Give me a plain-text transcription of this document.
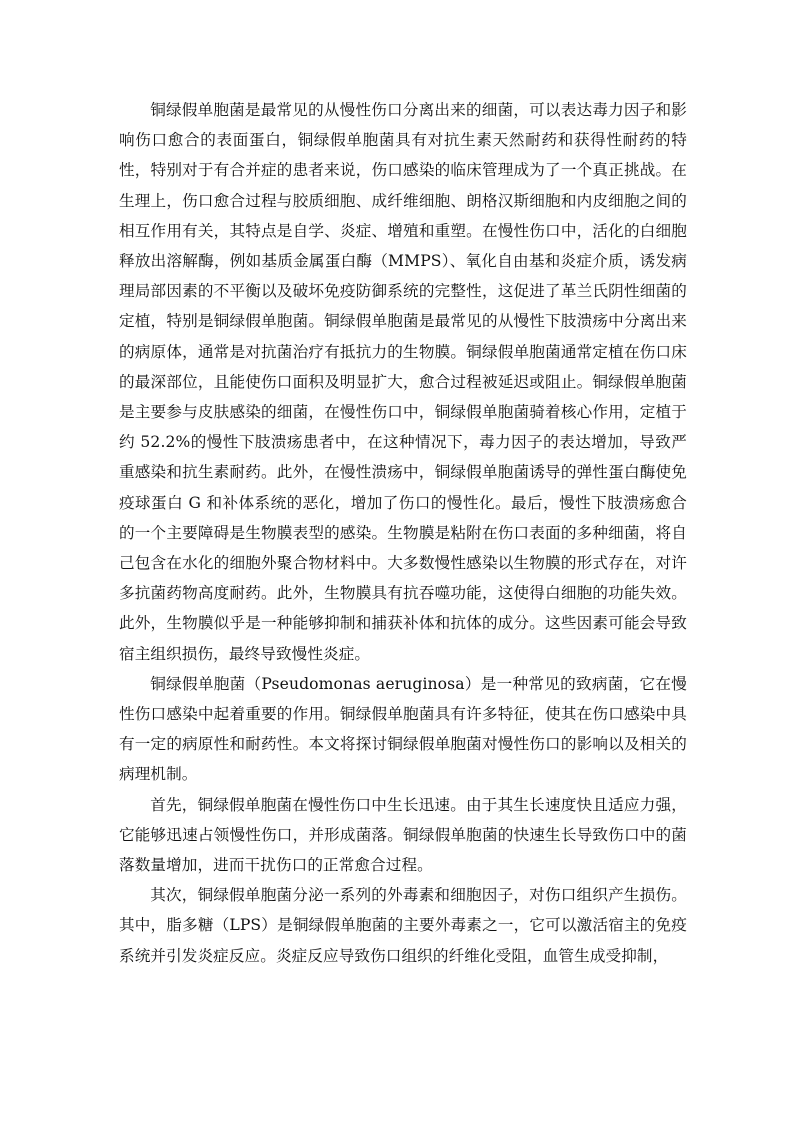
铜绿假单胞菌是最常见的从慢性伤口分离出来的细菌，可以表达毒力因子和影响伤口愈合的表面蛋白，铜绿假单胞菌具有对抗生素天然耐药和获得性耐药的特性，特别对于有合并症的患者来说，伤口感染的临床管理成为了一个真正挑战。在生理上，伤口愈合过程与胶质细胞、成纤维细胞、朗格汉斯细胞和内皮细胞之间的相互作用有关，其特点是自学、炎症、增殖和重塑。在慢性伤口中，活化的白细胞释放出溶解酶，例如基质金属蛋白酶（MMPS）、氧化自由基和炎症介质，诱发病理局部因素的不平衡以及破坏免疫防御系统的完整性，这促进了革兰氏阴性细菌的定植，特别是铜绿假单胞菌。铜绿假单胞菌是最常见的从慢性下肢溃疡中分离出来的病原体，通常是对抗菌治疗有抵抗力的生物膜。铜绿假单胞菌通常定植在伤口床的最深部位，且能使伤口面积及明显扩大，愈合过程被延迟或阻止。铜绿假单胞菌是主要参与皮肤感染的细菌，在慢性伤口中，铜绿假单胞菌骑着核心作用，定植于约 52.2%的慢性下肢溃疡患者中，在这种情况下，毒力因子的表达增加，导致严重感染和抗生素耐药。此外，在慢性溃疡中，铜绿假单胞菌诱导的弹性蛋白酶使免疫球蛋白 G 和补体系统的恶化，增加了伤口的慢性化。最后，慢性下肢溃疡愈合的一个主要障碍是生物膜表型的感染。生物膜是粘附在伤口表面的多种细菌，将自己包含在水化的细胞外聚合物材料中。大多数慢性感染以生物膜的形式存在，对许多抗菌药物高度耐药。此外，生物膜具有抗吞噬功能，这使得白细胞的功能失效。此外，生物膜似乎是一种能够抑制和捕获补体和抗体的成分。这些因素可能会导致宿主组织损伤，最终导致慢性炎症。

铜绿假单胞菌（Pseudomonas aeruginosa）是一种常见的致病菌，它在慢性伤口感染中起着重要的作用。铜绿假单胞菌具有许多特征，使其在伤口感染中具有一定的病原性和耐药性。本文将探讨铜绿假单胞菌对慢性伤口的影响以及相关的病理机制。

首先，铜绿假单胞菌在慢性伤口中生长迅速。由于其生长速度快且适应力强，它能够迅速占领慢性伤口，并形成菌落。铜绿假单胞菌的快速生长导致伤口中的菌落数量增加，进而干扰伤口的正常愈合过程。

其次，铜绿假单胞菌分泌一系列的外毒素和细胞因子，对伤口组织产生损伤。其中，脂多糖（LPS）是铜绿假单胞菌的主要外毒素之一，它可以激活宿主的免疫系统并引发炎症反应。炎症反应导致伤口组织的纤维化受阻，血管生成受抑制，
